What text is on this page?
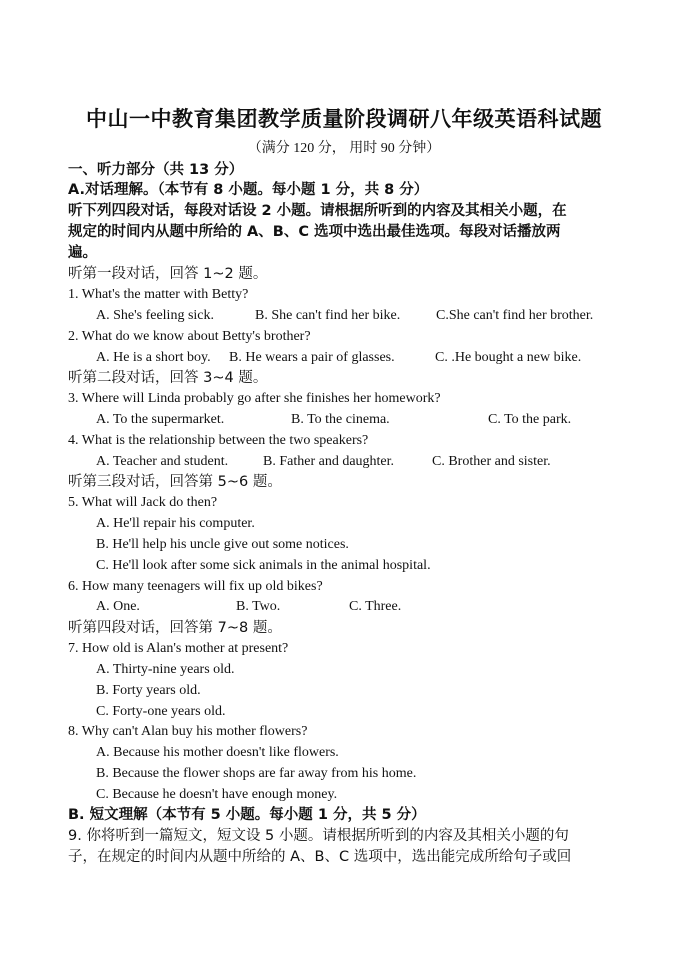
中山一中教育集团教学质量阶段调研八年级英语科试题
（满分 120 分， 用时 90 分钟）
一、听力部分（共 13 分）
A.对话理解。（本节有 8 小题。每小题 1 分，共 8 分）
听下列四段对话，每段对话设 2 小题。请根据所听到的内容及其相关小题，在
规定的时间内从题中所给的 A、B、C 选项中选出最佳选项。每段对话播放两
遍。
听第一段对话，回答 1~2 题。
1. What's the matter with Betty?
A. She's feeling sick.	B. She can't find her bike.	C.She can't find her brother.
2. What do we know about Betty's brother?
A. He is a short boy. B. He wears a pair of glasses.	C. .He bought a new bike.
听第二段对话，回答 3~4 题。
3. Where will Linda probably go after she finishes her homework?
A. To the supermarket.	B. To the cinema.	C. To the park.
4. What is the relationship between the two speakers?
A. Teacher and student. B. Father and daughter.	C. Brother and sister.
听第三段对话，回答第 5~6 题。
5. What will Jack do then?
A. He'll repair his computer.
B. He'll help his uncle give out some notices.
C. He'll look after some sick animals in the animal hospital.
6. How many teenagers will fix up old bikes?
A. One.	B. Two.	C. Three.
听第四段对话，回答第 7~8 题。
7. How old is Alan's mother at present?
A. Thirty-nine years old.
B. Forty years old.
C. Forty-one years old.
8. Why can't Alan buy his mother flowers?
A. Because his mother doesn't like flowers.
B. Because the flower shops are far away from his home.
C. Because he doesn't have enough money.
B. 短文理解（本节有 5 小题。每小题 1 分，共 5 分）
9. 你将听到一篇短文，短文设 5 小题。请根据所听到的内容及其相关小题的句
子，在规定的时间内从题中所给的 A、B、C 选项中，选出能完成所给句子或回
